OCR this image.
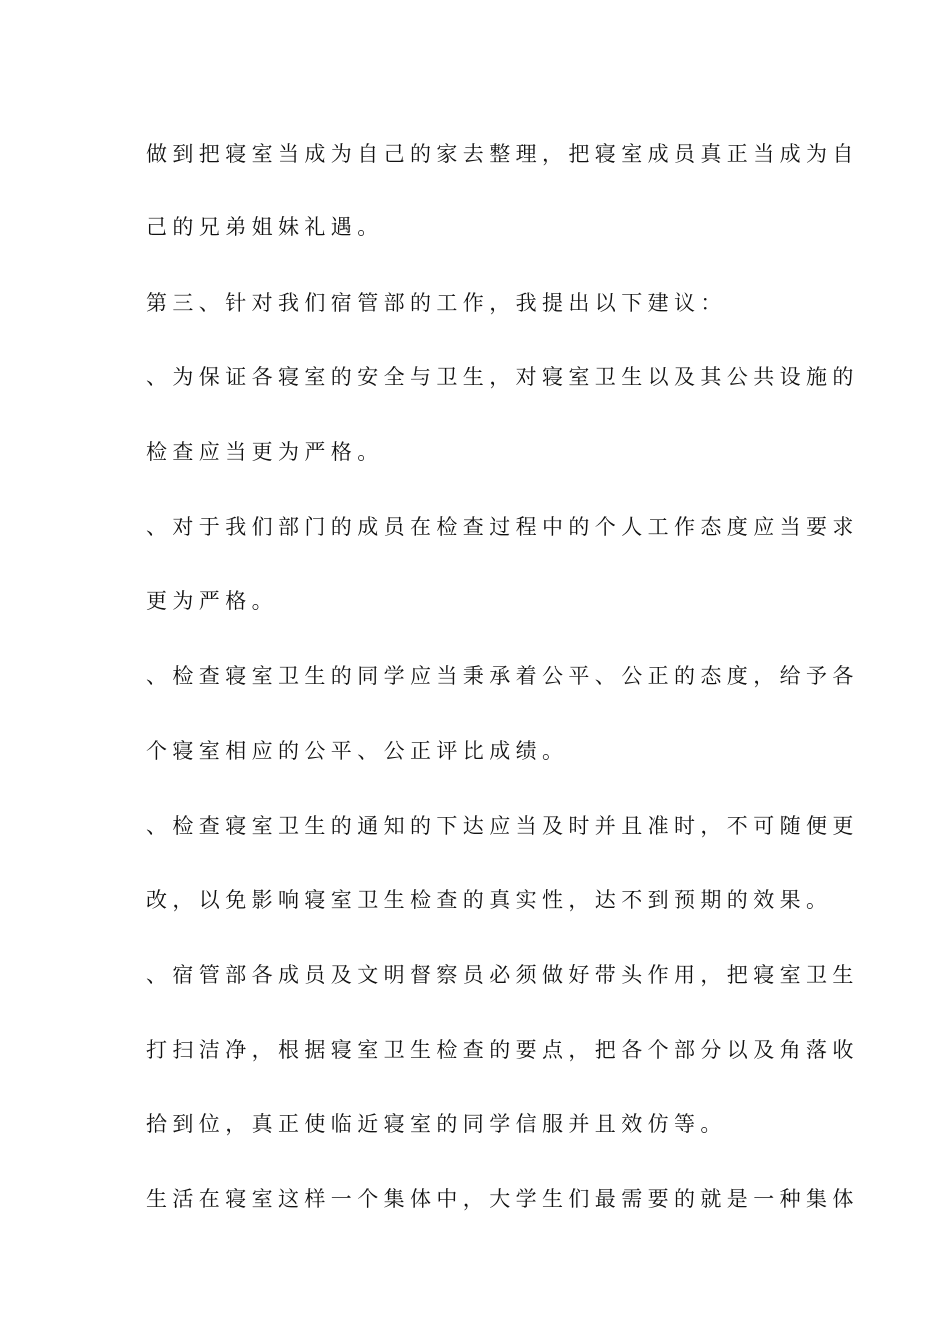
做到把寝室当成为自己的家去整理，把寝室成员真正当成为自
己的兄弟姐妹礼遇。
第三、针对我们宿管部的工作，我提出以下建议：
、为保证各寝室的安全与卫生，对寝室卫生以及其公共设施的
检查应当更为严格。
、对于我们部门的成员在检查过程中的个人工作态度应当要求
更为严格。
、检查寝室卫生的同学应当秉承着公平、公正的态度，给予各
个寝室相应的公平、公正评比成绩。
、检查寝室卫生的通知的下达应当及时并且准时，不可随便更
改，以免影响寝室卫生检查的真实性，达不到预期的效果。
、宿管部各成员及文明督察员必须做好带头作用，把寝室卫生
打扫洁净，根据寝室卫生检查的要点，把各个部分以及角落收
拾到位，真正使临近寝室的同学信服并且效仿等。
生活在寝室这样一个集体中，大学生们最需要的就是一种集体
